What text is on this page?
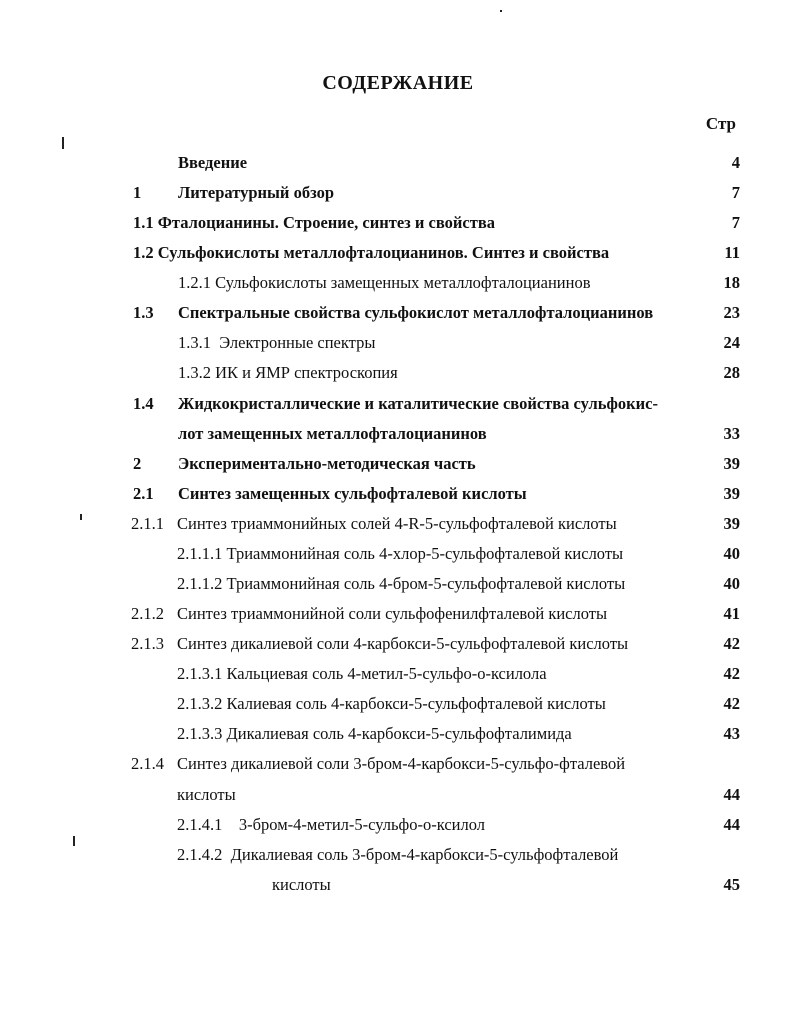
СОДЕРЖАНИЕ
Стр
Введение	4
1 Литературный обзор	7
1.1 Фталоцианины. Строение, синтез и свойства	7
1.2 Сульфокислоты металлофталоцианинов. Синтез и свойства	11
1.2.1 Сульфокислоты замещенных металлофталоцианинов	18
1.3 Спектральные свойства сульфокислот металлофталоцианинов	23
1.3.1  Электронные спектры	24
1.3.2 ИК и ЯМР спектроскопия	28
1.4 Жидкокристаллические и каталитические свойства сульфокис-
лот замещенных металлофталоцианинов	33
2 Экспериментально-методическая часть	39
2.1 Синтез замещенных сульфофталевой кислоты	39
2.1.1 Синтез триаммонийных солей 4-R-5-сульфофталевой кислоты	39
2.1.1.1 Триаммонийная соль 4-хлор-5-сульфофталевой кислоты	40
2.1.1.2 Триаммонийная соль 4-бром-5-сульфофталевой кислоты	40
2.1.2 Синтез триаммонийной соли сульфофенилфталевой кислоты	41
2.1.3 Синтез дикалиевой соли 4-карбокси-5-сульфофталевой кислоты	42
2.1.3.1 Кальциевая соль 4-метил-5-сульфо-о-ксилола	42
2.1.3.2 Калиевая соль 4-карбокси-5-сульфофталевой кислоты	42
2.1.3.3 Дикалиевая соль 4-карбокси-5-сульфофталимида	43
2.1.4 Синтез дикалиевой соли 3-бром-4-карбокси-5-сульфо-фталевой
кислоты	44
2.1.4.1    3-бром-4-метил-5-сульфо-о-ксилол	44
2.1.4.2  Дикалиевая соль 3-бром-4-карбокси-5-сульфофталевой
кислоты	45
